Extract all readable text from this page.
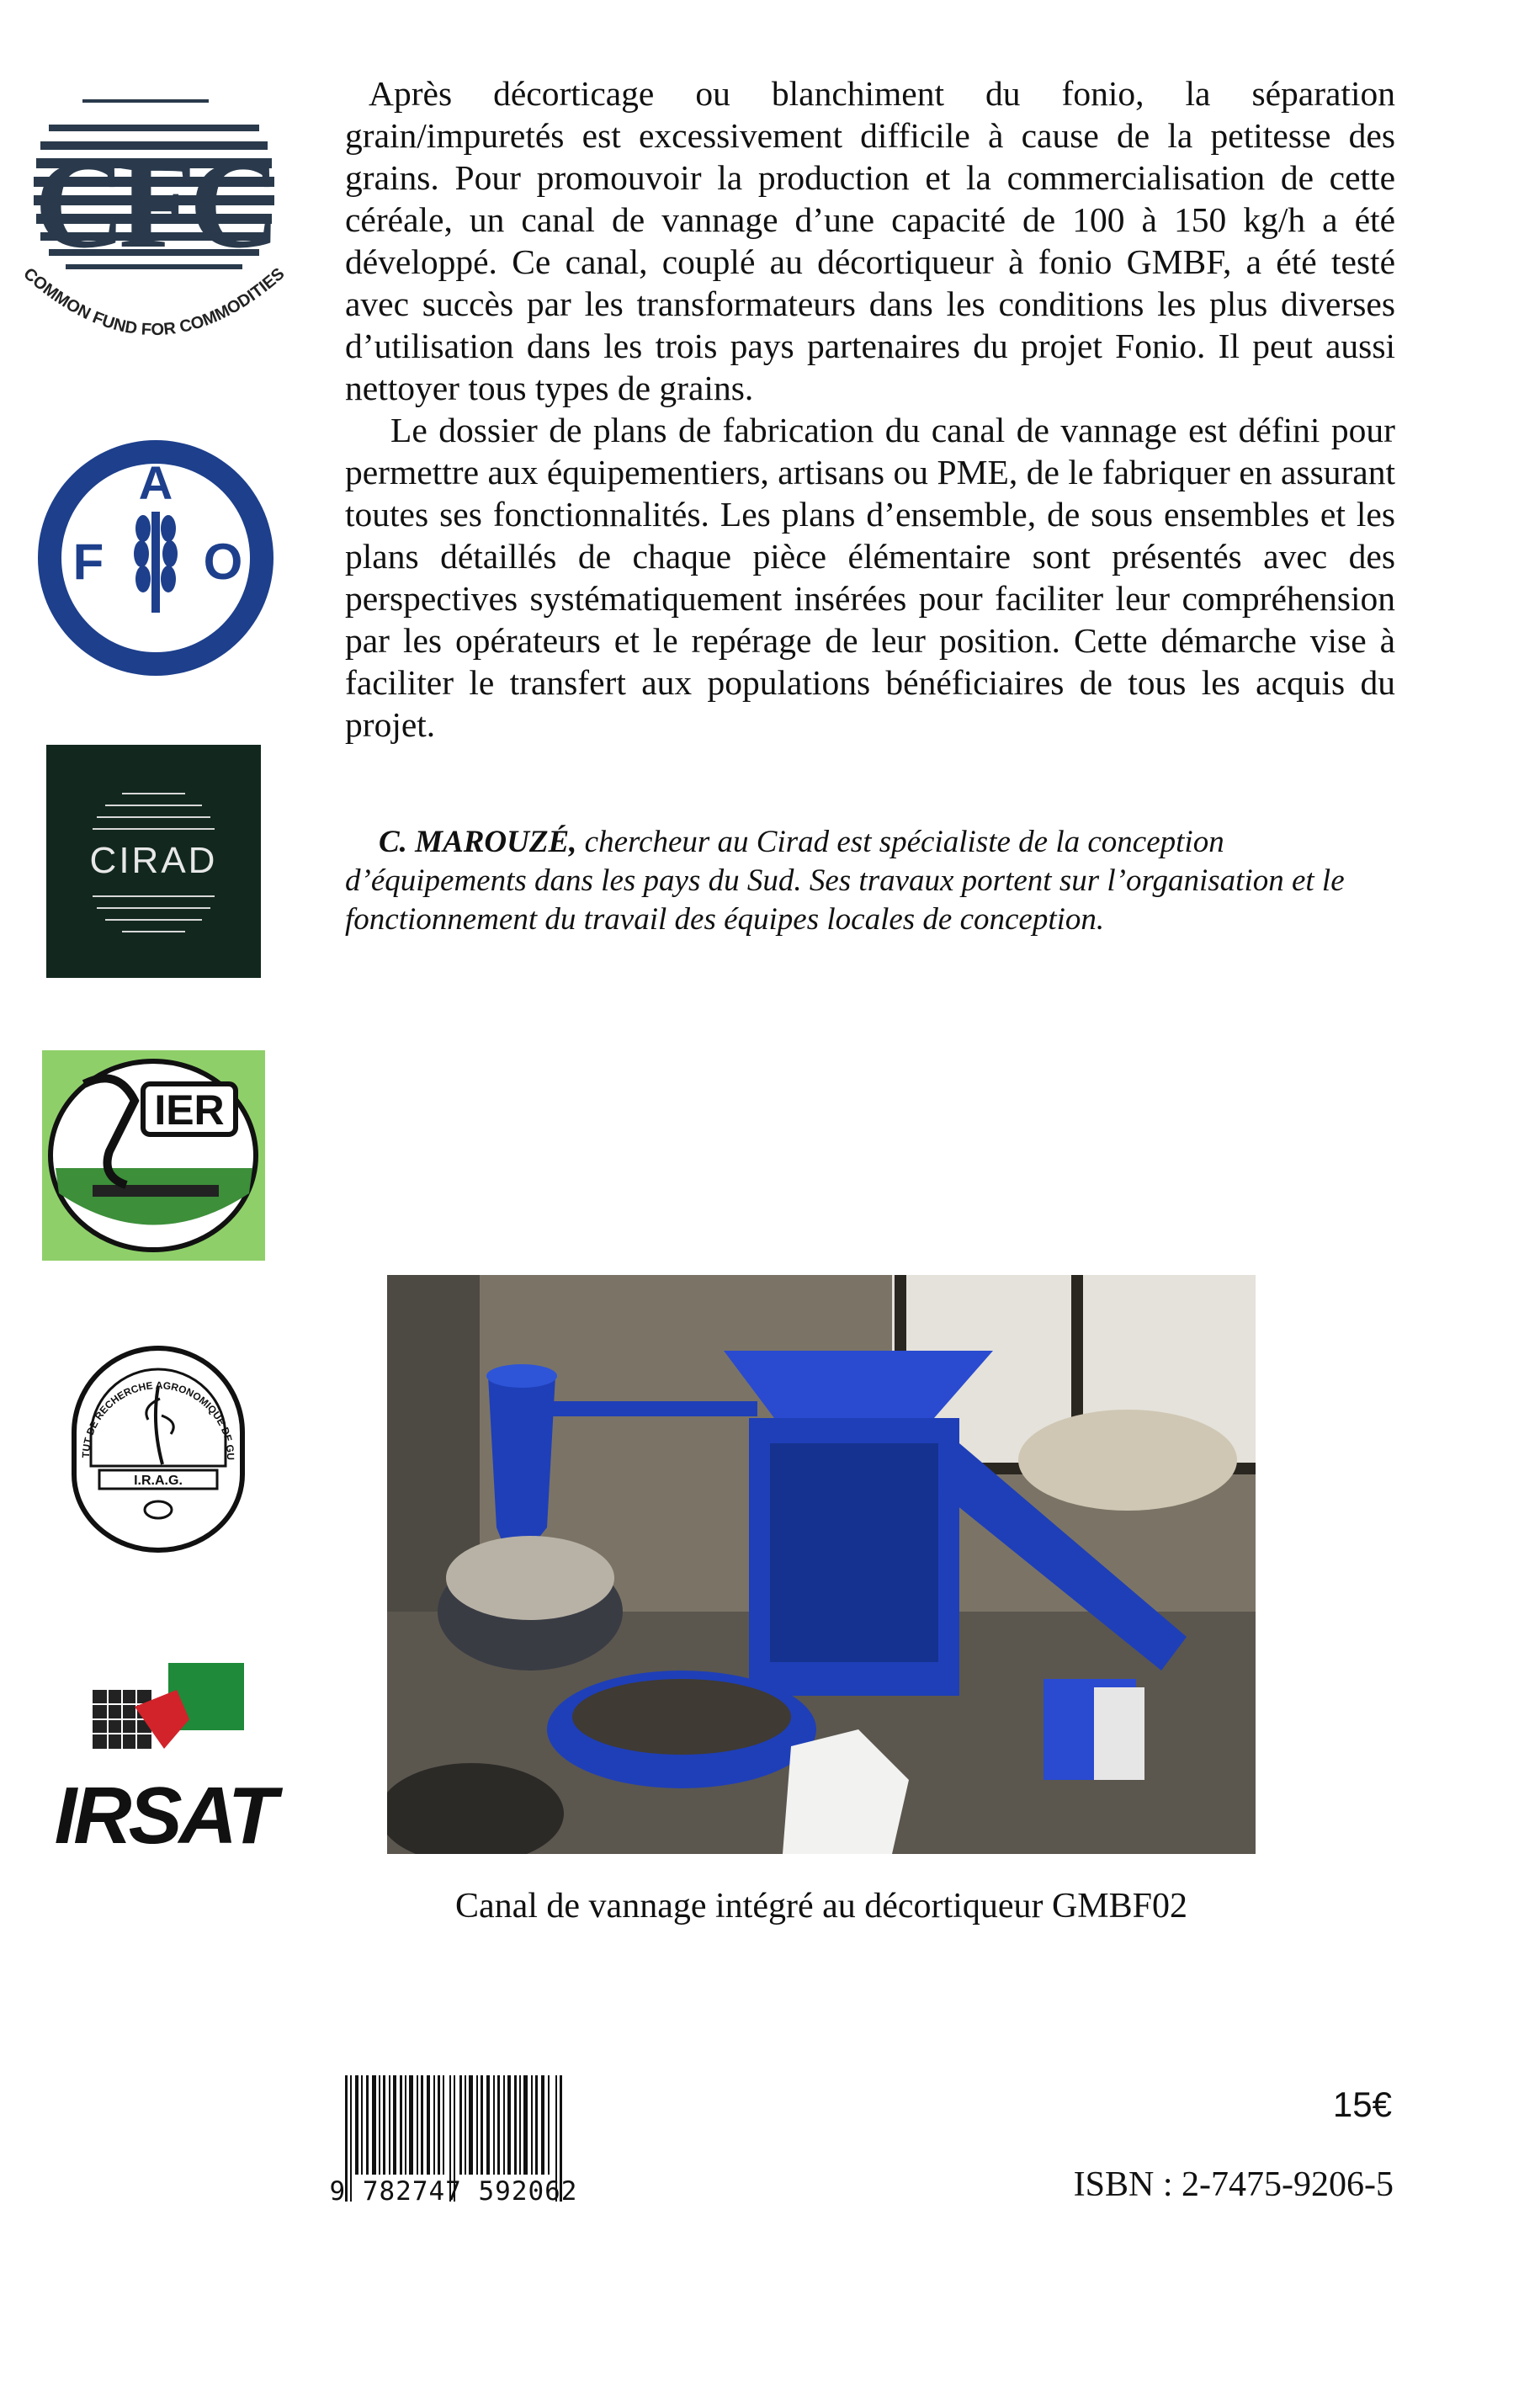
CFC
COMMON FUND FOR COMMODITIES
A
F O
FIAT PANIS
CIRAD
IER
TUT DE RECHERCHE AGRONOMIQUE DE GU
I.R.A.G.
IRSAT

Après décorticage ou blanchiment du fonio, la séparation grain/impuretés est excessivement difficile à cause de la petitesse des grains. Pour promouvoir la production et la commercialisation de cette céréale, un canal de vannage d’une capacité de 100 à 150 kg/h a été développé. Ce canal, couplé au décortiqueur à fonio GMBF, a été testé avec succès par les transformateurs dans les conditions les plus diverses d’utilisation dans les trois pays partenaires du projet Fonio. Il peut aussi nettoyer tous types de grains.

Le dossier de plans de fabrication du canal de vannage est défini pour permettre aux équipementiers, artisans ou PME, de le fabriquer en assurant toutes ses fonctionnalités. Les plans d’ensemble, de sous ensembles et les plans détaillés de chaque pièce élémentaire sont présentés avec des perspectives systématiquement insérées pour faciliter leur compréhension par les opérateurs et le repérage de leur position. Cette démarche vise à faciliter le transfert aux populations bénéficiaires de tous les acquis du projet.

C. MAROUZÉ, chercheur au Cirad est spécialiste de la conception d’équipements dans les pays du Sud. Ses travaux portent sur l’organisation et le fonctionnement du travail des équipes locales de conception.

Canal de vannage intégré au décortiqueur GMBF02
9 782747 592062
15€
ISBN : 2-7475-9206-5
